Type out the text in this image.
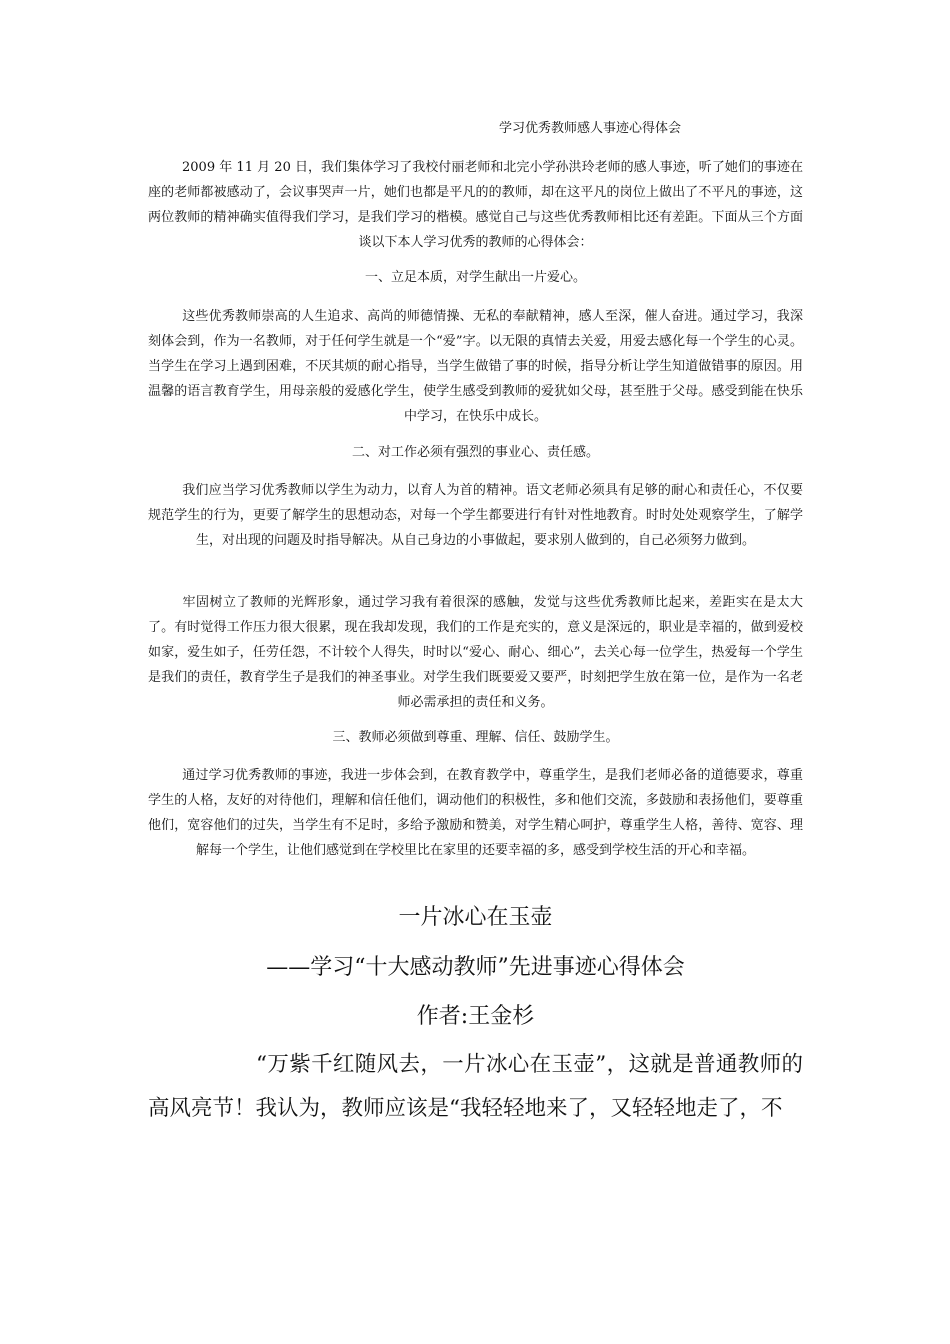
学习优秀教师感人事迹心得体会
2009 年 11 月 20 日，我们集体学习了我校付丽老师和北完小学孙洪玲老师的感人事迹，听了她们的事迹在座的老师都被感动了，会议事哭声一片，她们也都是平凡的的教师，却在这平凡的岗位上做出了不平凡的事迹，这两位教师的精神确实值得我们学习，是我们学习的楷模。感觉自己与这些优秀教师相比还有差距。下面从三个方面谈以下本人学习优秀的教师的心得体会：
一、立足本质，对学生献出一片爱心。
这些优秀教师崇高的人生追求、高尚的师德情操、无私的奉献精神，感人至深，催人奋进。通过学习，我深刻体会到，作为一名教师，对于任何学生就是一个“爱”字。以无限的真情去关爱，用爱去感化每一个学生的心灵。当学生在学习上遇到困难，不厌其烦的耐心指导，当学生做错了事的时候，指导分析让学生知道做错事的原因。用温馨的语言教育学生，用母亲般的爱感化学生，使学生感受到教师的爱犹如父母，甚至胜于父母。感受到能在快乐中学习，在快乐中成长。
二、对工作必须有强烈的事业心、责任感。
我们应当学习优秀教师以学生为动力，以育人为首的精神。语文老师必须具有足够的耐心和责任心，不仅要规范学生的行为，更要了解学生的思想动态，对每一个学生都要进行有针对性地教育。时时处处观察学生，了解学生，对出现的问题及时指导解决。从自己身边的小事做起，要求别人做到的，自己必须努力做到。
牢固树立了教师的光辉形象，通过学习我有着很深的感触，发觉与这些优秀教师比起来，差距实在是太大了。有时觉得工作压力很大很累，现在我却发现，我们的工作是充实的，意义是深远的，职业是幸福的，做到爱校如家，爱生如子，任劳任怨，不计较个人得失，时时以“爱心、耐心、细心”，去关心每一位学生，热爱每一个学生是我们的责任，教育学生子是我们的神圣事业。对学生我们既要爱又要严，时刻把学生放在第一位，是作为一名老师必需承担的责任和义务。
三、教师必须做到尊重、理解、信任、鼓励学生。
通过学习优秀教师的事迹，我进一步体会到，在教育教学中，尊重学生，是我们老师必备的道德要求，尊重学生的人格，友好的对待他们，理解和信任他们，调动他们的积极性，多和他们交流，多鼓励和表扬他们，要尊重他们，宽容他们的过失，当学生有不足时，多给予激励和赞美，对学生精心呵护，尊重学生人格，善待、宽容、理解每一个学生，让他们感觉到在学校里比在家里的还要幸福的多，感受到学校生活的开心和幸福。
一片冰心在玉壶
——学习“十大感动教师”先进事迹心得体会
作者:王金杉
“万紫千红随风去，一片冰心在玉壶”，这就是普通教师的高风亮节！我认为，教师应该是“我轻轻地来了，又轻轻地走了，不
